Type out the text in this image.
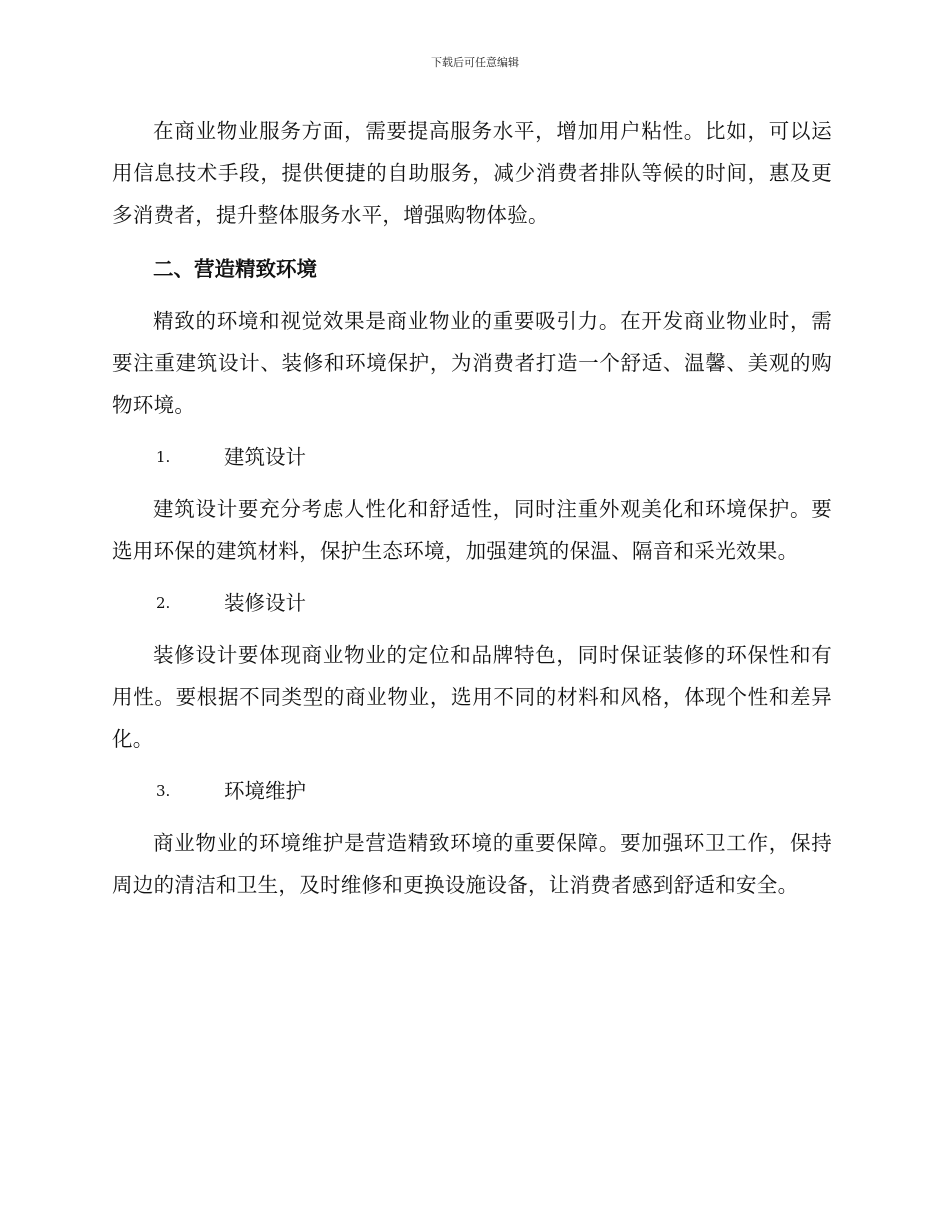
下载后可任意编辑

在商业物业服务方面，需要提高服务水平，增加用户粘性。比如，可以运用信息技术手段，提供便捷的自助服务，减少消费者排队等候的时间，惠及更多消费者，提升整体服务水平，增强购物体验。

二、营造精致环境

精致的环境和视觉效果是商业物业的重要吸引力。在开发商业物业时，需要注重建筑设计、装修和环境保护，为消费者打造一个舒适、温馨、美观的购物环境。

1.	建筑设计

建筑设计要充分考虑人性化和舒适性，同时注重外观美化和环境保护。要选用环保的建筑材料，保护生态环境，加强建筑的保温、隔音和采光效果。

2.	装修设计

装修设计要体现商业物业的定位和品牌特色，同时保证装修的环保性和有用性。要根据不同类型的商业物业，选用不同的材料和风格，体现个性和差异化。

3.	环境维护

商业物业的环境维护是营造精致环境的重要保障。要加强环卫工作，保持周边的清洁和卫生，及时维修和更换设施设备，让消费者感到舒适和安全。
